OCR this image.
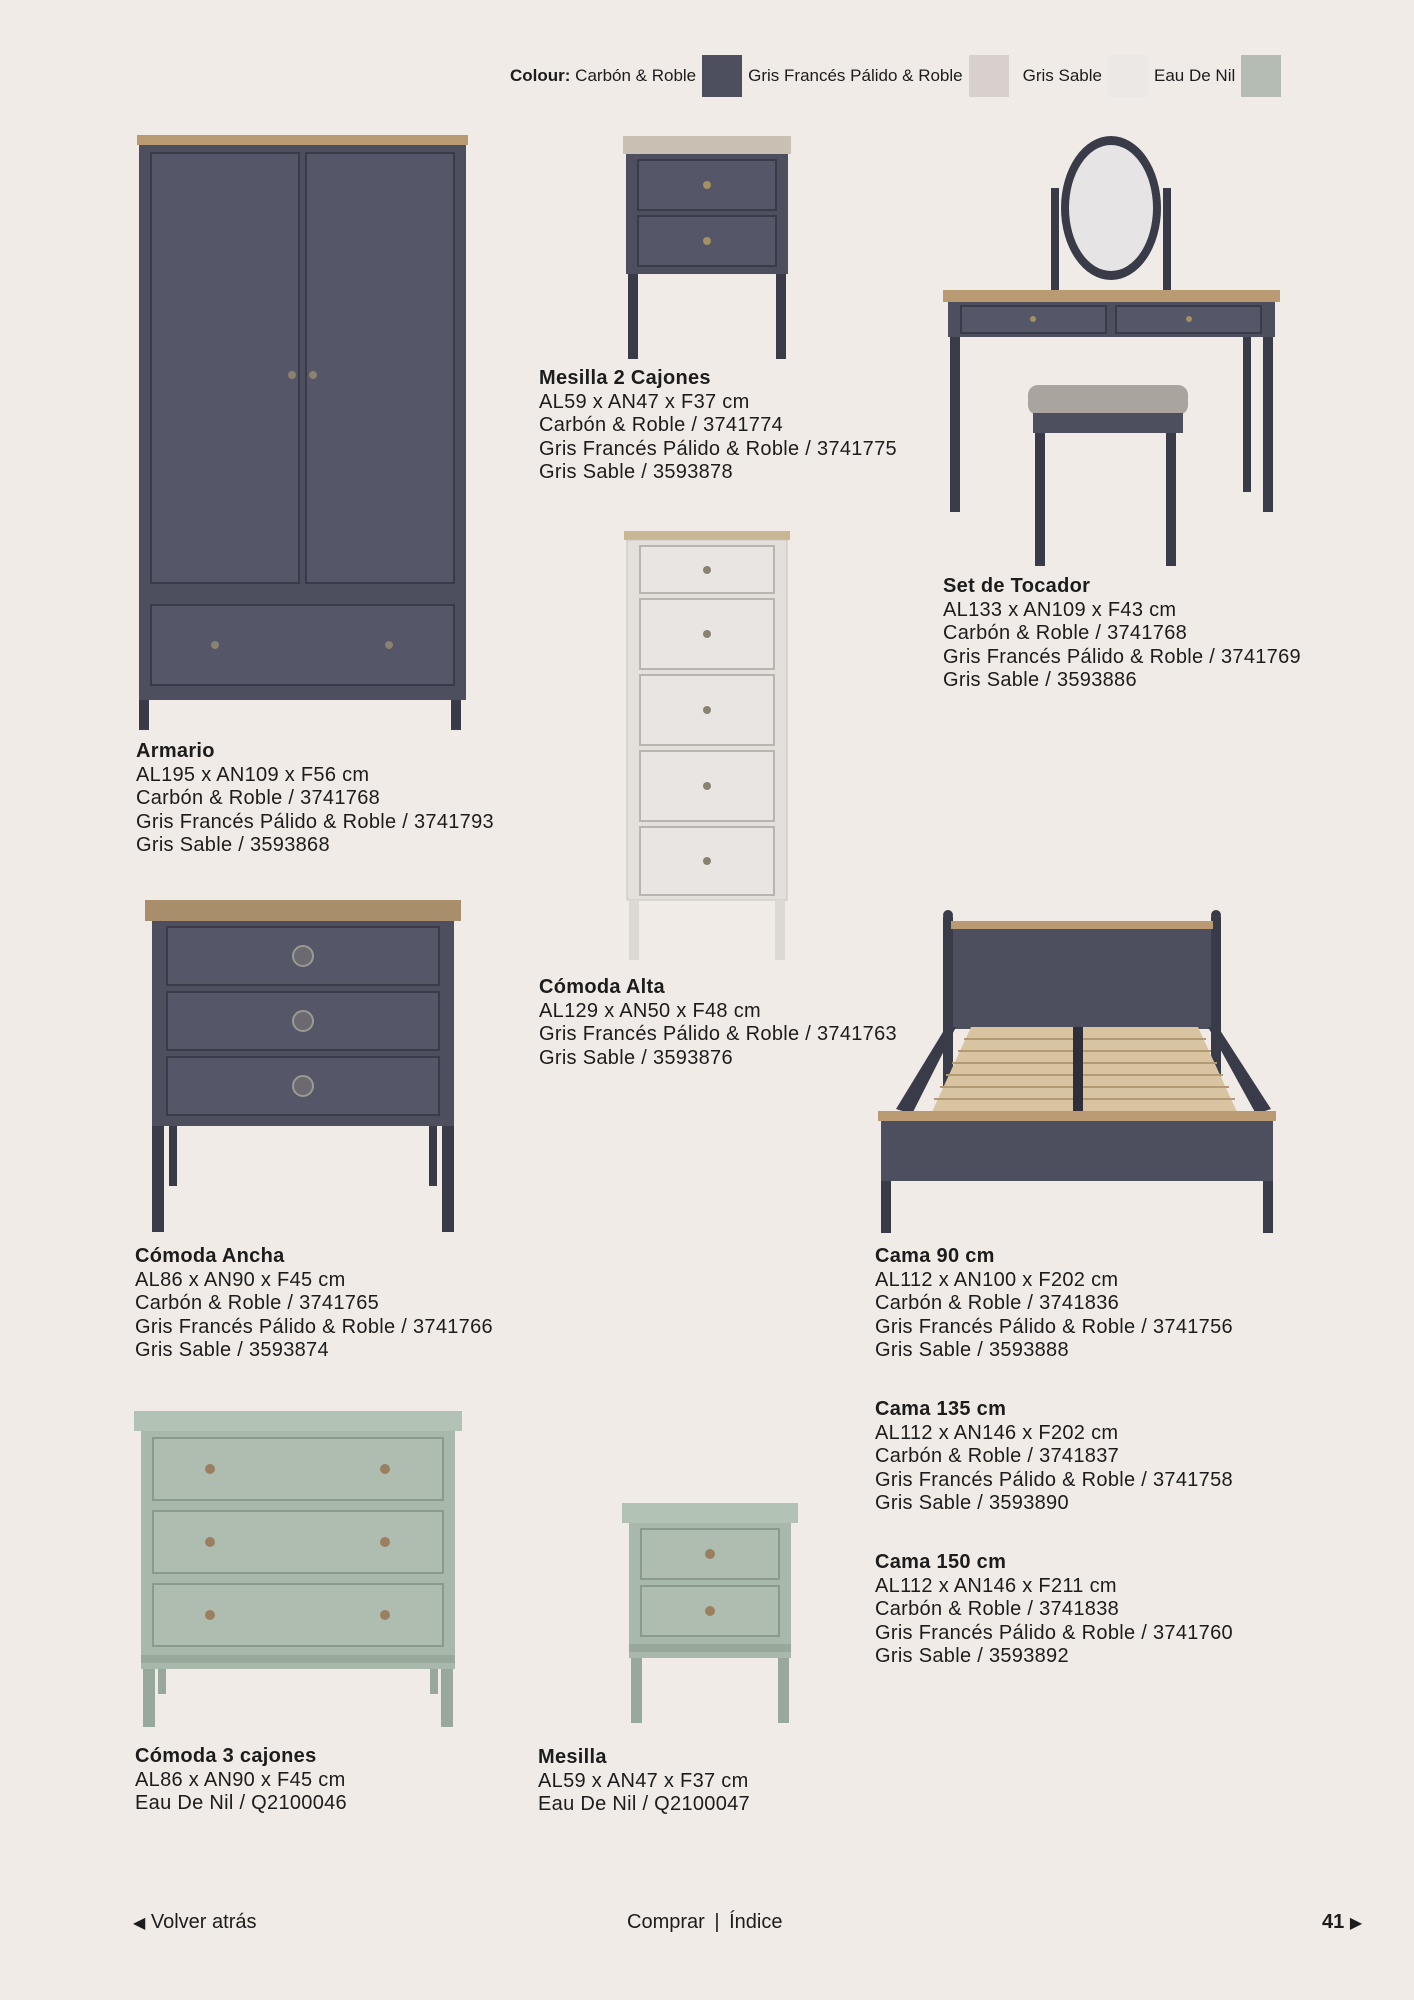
Colour: Carbón & Roble	Gris Francés Pálido & Roble	Gris Sable	Eau De Nil
Armario
AL195 x AN109 x F56 cm
Carbón & Roble / 3741768
Gris Francés Pálido & Roble / 3741793
Gris Sable / 3593868
Mesilla 2 Cajones
AL59 x AN47 x F37 cm
Carbón & Roble / 3741774
Gris Francés Pálido & Roble / 3741775
Gris Sable / 3593878
Set de Tocador
AL133 x AN109 x F43 cm
Carbón & Roble / 3741768
Gris Francés Pálido & Roble / 3741769
Gris Sable / 3593886
Cómoda Alta
AL129 x AN50 x F48 cm
Gris Francés Pálido & Roble / 3741763
Gris Sable / 3593876
Cómoda Ancha
AL86 x AN90 x F45 cm
Carbón & Roble / 3741765
Gris Francés Pálido & Roble / 3741766
Gris Sable / 3593874
Cama 90 cm
AL112 x AN100 x F202 cm
Carbón & Roble / 3741836
Gris Francés Pálido & Roble / 3741756
Gris Sable / 3593888
Cama 135 cm
AL112 x AN146 x F202 cm
Carbón & Roble / 3741837
Gris Francés Pálido & Roble / 3741758
Gris Sable / 3593890
Cama 150 cm
AL112 x AN146 x F211 cm
Carbón & Roble / 3741838
Gris Francés Pálido & Roble / 3741760
Gris Sable / 3593892
Cómoda 3 cajones
AL86 x AN90 x F45 cm
Eau De Nil / Q2100046
Mesilla
AL59 x AN47 x F37 cm
Eau De Nil / Q2100047
◀ Volver atrás	Comprar | Índice	41 ▶
